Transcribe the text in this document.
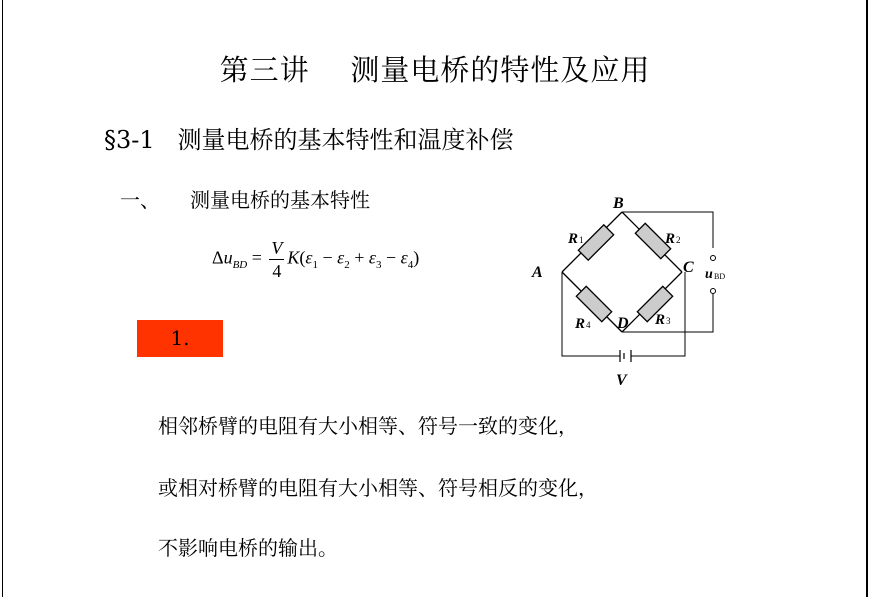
第三讲    测量电桥的特性及应用
§3-1   测量电桥的基本特性和温度补偿
一、 测量电桥的基本特性
$\Delta u_{BD} = \frac{V}{4} K(\varepsilon_1 - \varepsilon_2 + \varepsilon_3 - \varepsilon_4)$
1.
B
A	C
D
R 1	R 2
R 3
R 4
u BD
V
相邻桥臂的电阻有大小相等、符号一致的变化，
或相对桥臂的电阻有大小相等、符号相反的变化，
不影响电桥的输出。
